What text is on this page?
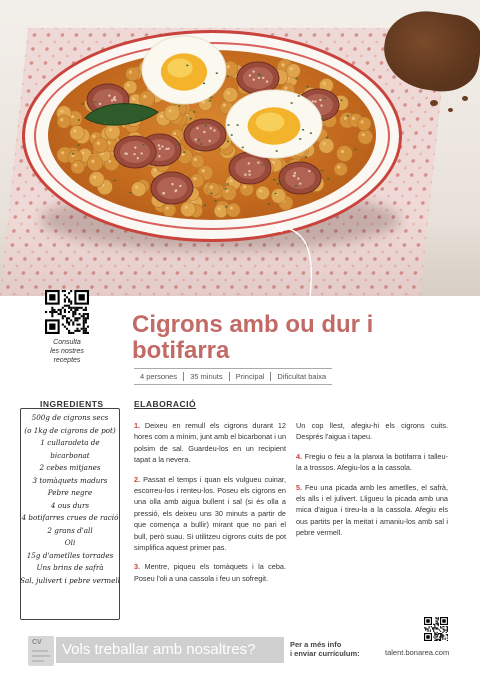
Consulta
les nostres
receptes
Cigrons amb ou dur i botifarra
4 persones	35 minuts	Principal	Dificultat baixa
INGREDIENTS
500g de cigrons secs
(o 1kg de cigrons de pot)
1 cullaradeta de bicarbonat
2 cebes mitjanes
3 tomàquets madurs
Pebre negre
4 ous durs
4 botifarres crues de ració
2 grans d'all
Oli
15g d'ametlles torrades
Uns brins de safrà
Sal, julivert i pebre vermell
ELABORACIÓ

1. Deixeu en remull els cigrons durant 12 hores com a mínim, junt amb el bicarbonat i un polsim de sal. Guardeu-los en un recipient tapat a la nevera.

2. Passat el temps i quan els vulgueu cuinar, escorreu-los i renteu-los. Poseu els cigrons en una olla amb aigua bullent i sal (si és olla a pressió, els deixeu uns 30 minuts a partir de que comença a bullir) mirant que no pari el bull, però suau. Si utilitzeu cigrons cuits de pot simplifica aquest primer pas.

3. Mentre, piqueu els tomàquets i la ceba. Poseu l'oli a una cassola i feu un sofregit.

Un cop llest, afegiu-hi els cigrons cuits. Després l'aigua i tapeu.

4. Fregiu o feu a la planxa la botifarra i talleu-la a trossos. Afegiu-los a la cassola.

5. Feu una picada amb les ametlles, el safrà, els alls i el julivert. Lligueu la picada amb una mica d'aigua i tireu-la a la cassola. Afegiu els ous partits per la meitat i amaniu-los amb sal i pebre vermell.

CV Vols treballar amb nosaltres?	Per a més info
i enviar currículum:	talent.bonarea.com
